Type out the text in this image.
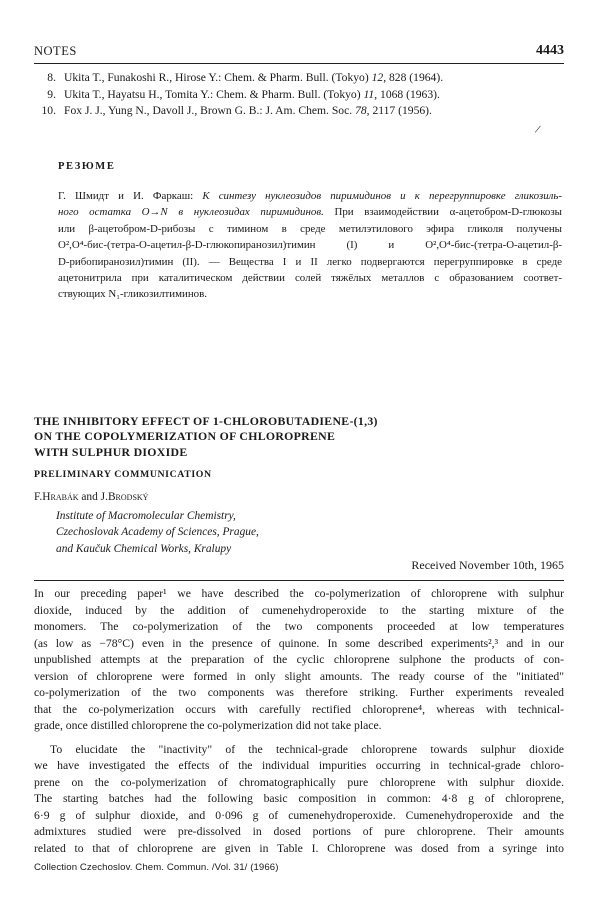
NOTES	4443
8. Ukita T., Funakoshi R., Hirose Y.: Chem. & Pharm. Bull. (Tokyo) 12, 828 (1964).
9. Ukita T., Hayatsu H., Tomita Y.: Chem. & Pharm. Bull. (Tokyo) 11, 1068 (1963).
10. Fox J. J., Yung N., Davoll J., Brown G. B.: J. Am. Chem. Soc. 78, 2117 (1956).
/
РЕЗЮМЕ
Г. Шмидт и И. Фаркаш: К синтезу нуклеозидов пиримидинов и к перегруппировке гликозиль-
ного остатка O→N в нуклеозидах пиримидинов. При взаимодействии α-ацетобром-D-глюкозы
или β-ацетобром-D-рибозы с тимином в среде метилэтилового эфира гликоля получены
O²,O⁴-бис-(тетра-O-ацетил-β-D-глюкопиранозил)тимин (I) и O²,O⁴-бис-(тетра-O-ацетил-β-
D-рибопиранозил)тимин (II). — Вещества I и II легко подвергаются перегруппировке в среде
ацетонитрила при каталитическом действии солей тяжёлых металлов с образованием соответ-
ствующих N₁-гликозилтиминов.
THE INHIBITORY EFFECT OF 1-CHLOROBUTADIENE-(1,3)
ON THE COPOLYMERIZATION OF CHLOROPRENE
WITH SULPHUR DIOXIDE
PRELIMINARY COMMUNICATION
F.Hrabák and J.Brodský
Institute of Macromolecular Chemistry,
Czechoslovak Academy of Sciences, Prague,
and Kaučuk Chemical Works, Kralupy
Received November 10th, 1965

In our preceding paper¹ we have described the co-polymerization of chloroprene with sulphur
dioxide, induced by the addition of cumenehydroperoxide to the starting mixture of the
monomers. The co-polymerization of the two components proceeded at low temperatures
(as low as −78°C) even in the presence of quinone. In some described experiments²,³ and in our
unpublished attempts at the preparation of the cyclic chloroprene sulphone the products of con-
version of chloroprene were formed in only slight amounts. The ready course of the "initiated"
co-polymerization of the two components was therefore striking. Further experiments revealed
that the co-polymerization occurs with carefully rectified chloroprene⁴, whereas with technical-
grade, once distilled chloroprene the co-polymerization did not take place.

To elucidate the "inactivity" of the technical-grade chloroprene towards sulphur dioxide
we have investigated the effects of the individual impurities occurring in technical-grade chloro-
prene on the co-polymerization of chromatographically pure chloroprene with sulphur dioxide.
The starting batches had the following basic composition in common: 4·8 g of chloroprene,
6·9 g of sulphur dioxide, and 0·096 g of cumenehydroperoxide. Cumenehydroperoxide and the
admixtures studied were pre-dissolved in dosed portions of pure chloroprene. Their amounts
related to that of chloroprene are given in Table I. Chloroprene was dosed from a syringe into

Collection Czechoslov. Chem. Commun. /Vol. 31/ (1966)
